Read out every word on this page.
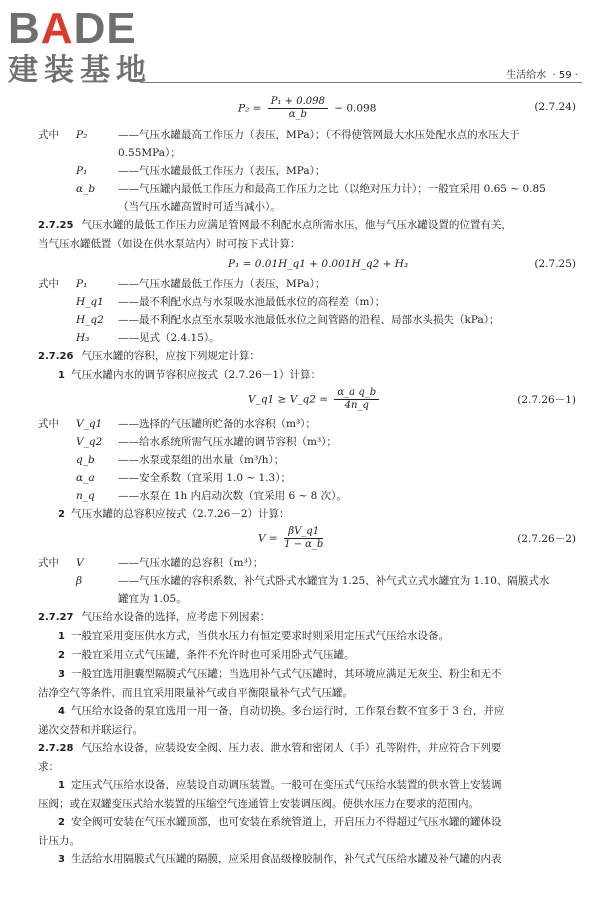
BADE
建装基地	生活给水 · 59 ·
$P_2 = \frac{\text{P₁ + 0.098}}{\alpha\_b} - 0.098$	(2.7.24)
式中 P₂	——气压水罐最高工作压力（表压，MPa）；（不得使管网最大水压处配水点的水压大于
0.55MPa）；
P₁	——气压水罐最低工作压力（表压，MPa）；
α_b ——气压罐内最低工作压力和最高工作压力之比（以绝对压力计）；一般宜采用 0.65 ~ 0.85
（当气压水罐高置时可适当减小）。
2.7.25 气压水罐的最低工作压力应满足管网最不利配水点所需水压，他与气压水罐设置的位置有关，
当气压水罐低置（如设在供水泵站内）时可按下式计算：
P₁ = 0.01H_q1 + 0.001H_q2 + H₃	(2.7.25)
式中 P₁	——气压水罐最低工作压力（表压，MPa）；
H_q1 ——最不利配水点与水泵吸水池最低水位的高程差（m）；
H_q2 ——最不利配水点至水泵吸水池最低水位之间管路的沿程、局部水头损失（kPa）；
H₃	——见式（2.4.15）。
2.7.26 气压水罐的容积，应按下列规定计算：
1 气压水罐内水的调节容积应按式（2.7.26－1）计算：
V_q1 ≥ V_q2 = $\frac{\text{α\_a q\_b}}{4n\_q}$	(2.7.26－1)
式中 V_q1 ——选择的气压罐所贮备的水容积（m³）；
V_q2 ——给水系统所需气压水罐的调节容积（m³）；
q_b ——水泵或泵组的出水量（m³/h）；
α_a ——安全系数（宜采用 1.0 ~ 1.3）；
n_q ——水泵在 1h 内启动次数（宜采用 6 ~ 8 次）。
2 气压水罐的总容积应按式（2.7.26－2）计算：
$V = \frac{\beta V\_q1}{1 - \alpha\_b}$	(2.7.26－2)
式中 V	——气压水罐的总容积（m³）；
β	——气压水罐的容积系数，补气式卧式水罐宜为 1.25、补气式立式水罐宜为 1.10、隔膜式水
罐宜为 1.05。
2.7.27 气压给水设备的选择，应考虑下列因素：
1 一般宜采用变压供水方式，当供水压力有恒定要求时则采用定压式气压给水设备。
2 一般宜采用立式气压罐，条件不允许时也可采用卧式气压罐。
3 一般宜选用胆囊型隔膜式气压罐；当选用补气式气压罐时，其环境应满足无灰尘、粉尘和无不
洁净空气等条件，而且宜采用限量补气或自平衡限量补气式气压罐。
4 气压给水设备的泵宜选用一用一备，自动切换。多台运行时，工作泵台数不宜多于 3 台，并应
递次交替和并联运行。
2.7.28 气压给水设备，应装设安全阀、压力表、泄水管和密闭人（手）孔等附件，并应符合下列要
求：
1 定压式气压给水设备，应装设自动调压装置。一般可在变压式气压给水装置的供水管上安装调
压阀；或在双罐变压式给水装置的压缩空气连通管上安装调压阀。使供水压力在要求的范围内。
2 安全阀可安装在气压水罐顶部，也可安装在系统管道上，开启压力不得超过气压水罐的罐体设
计压力。
3 生活给水用隔膜式气压罐的隔膜，应采用食品级橡胶制作，补气式气压给水罐及补气罐的内表
